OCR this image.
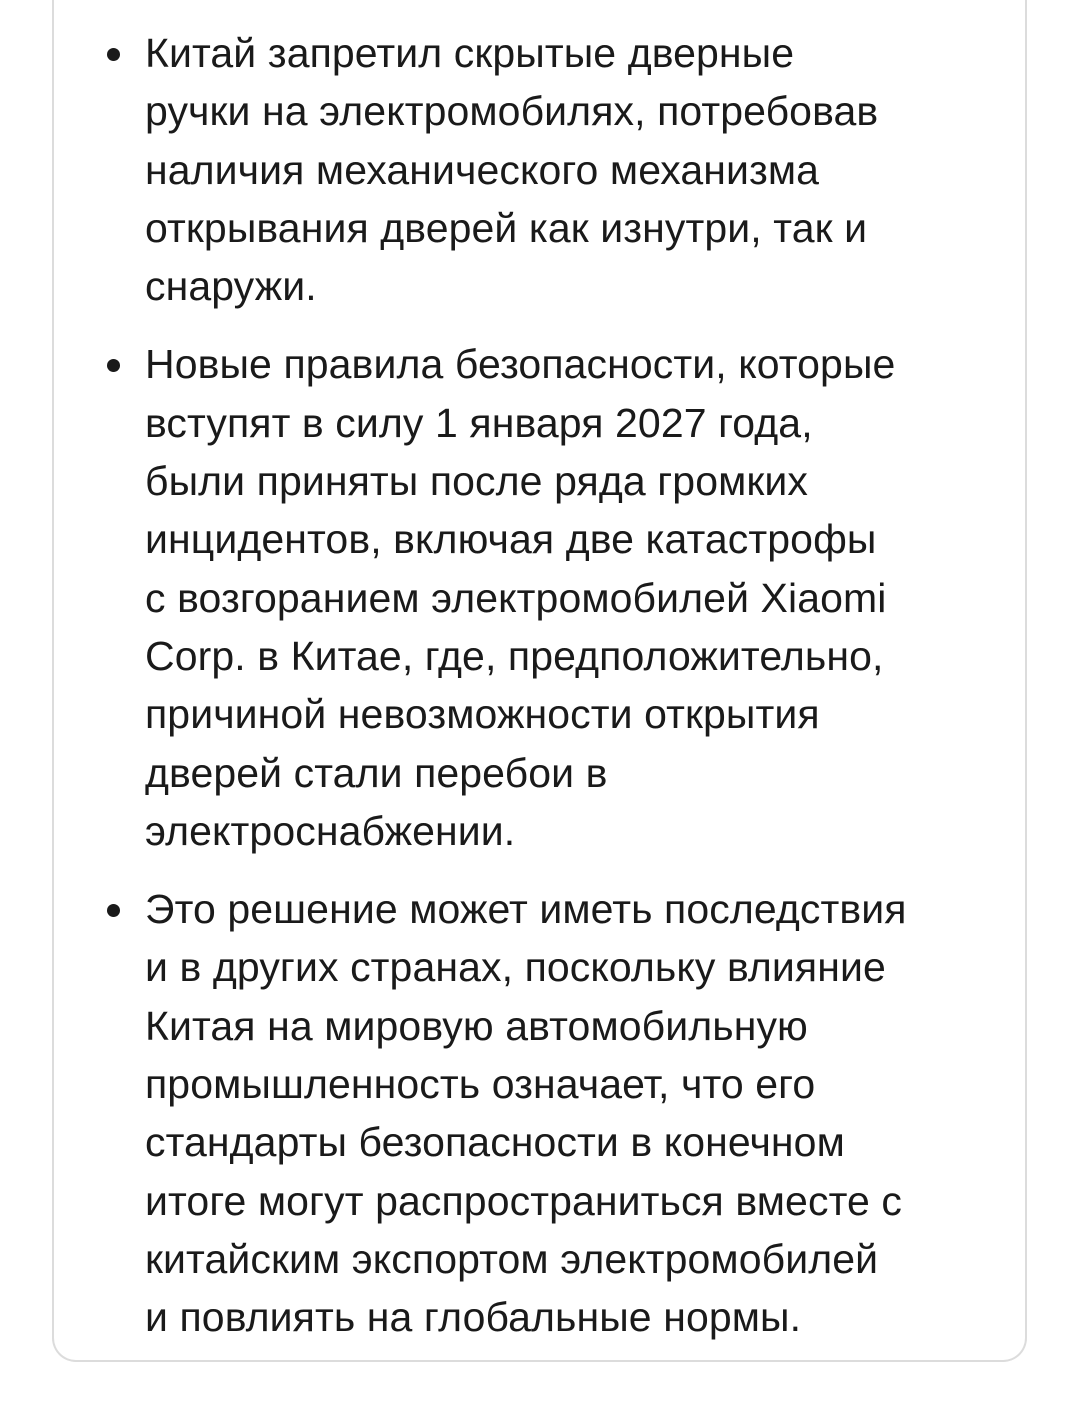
Китай запретил скрытые дверные
ручки на электромобилях, потребовав
наличия механического механизма
открывания дверей как изнутри, так и
снаружи.
Новые правила безопасности, которые
вступят в силу 1 января 2027 года,
были приняты после ряда громких
инцидентов, включая две катастрофы
с возгоранием электромобилей Xiaomi
Corp. в Китае, где, предположительно,
причиной невозможности открытия
дверей стали перебои в
электроснабжении.
Это решение может иметь последствия
и в других странах, поскольку влияние
Китая на мировую автомобильную
промышленность означает, что его
стандарты безопасности в конечном
итоге могут распространиться вместе с
китайским экспортом электромобилей
и повлиять на глобальные нормы.
